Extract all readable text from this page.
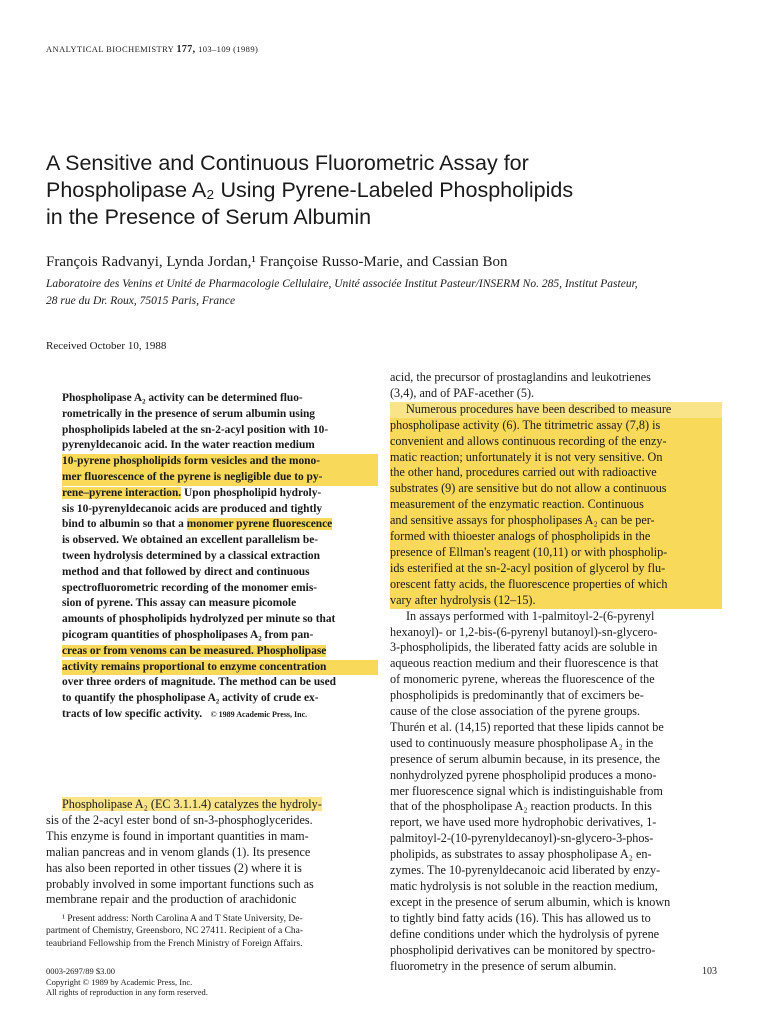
ANALYTICAL BIOCHEMISTRY 177, 103–109 (1989)
A Sensitive and Continuous Fluorometric Assay for
Phospholipase A₂ Using Pyrene-Labeled Phospholipids
in the Presence of Serum Albumin
François Radvanyi, Lynda Jordan,¹ Françoise Russo-Marie, and Cassian Bon
Laboratoire des Venins et Unité de Pharmacologie Cellulaire, Unité associée Institut Pasteur/INSERM No. 285, Institut Pasteur,
28 rue du Dr. Roux, 75015 Paris, France
Received October 10, 1988
Phospholipase A₂ activity can be determined fluo-
rometrically in the presence of serum albumin using
phospholipids labeled at the sn-2-acyl position with 10-
pyrenyldecanoic acid. In the water reaction medium
10-pyrene phospholipids form vesicles and the mono-
mer fluorescence of the pyrene is negligible due to py-
rene–pyrene interaction. Upon phospholipid hydroly-
sis 10-pyrenyldecanoic acids are produced and tightly
bind to albumin so that a monomer pyrene fluorescence
is observed. We obtained an excellent parallelism be-
tween hydrolysis determined by a classical extraction
method and that followed by direct and continuous
spectrofluorometric recording of the monomer emis-
sion of pyrene. This assay can measure picomole
amounts of phospholipids hydrolyzed per minute so that
picogram quantities of phospholipases A₂ from pan-
creas or from venoms can be measured. Phospholipase
activity remains proportional to enzyme concentration
over three orders of magnitude. The method can be used
to quantify the phospholipase A₂ activity of crude ex-
tracts of low specific activity. © 1989 Academic Press, Inc.
Phospholipase A₂ (EC 3.1.1.4) catalyzes the hydroly-
sis of the 2-acyl ester bond of sn-3-phosphoglycerides.
This enzyme is found in important quantities in mam-
malian pancreas and in venom glands (1). Its presence
has also been reported in other tissues (2) where it is
probably involved in some important functions such as
membrane repair and the production of arachidonic
¹ Present address: North Carolina A and T State University, De-
partment of Chemistry, Greensboro, NC 27411. Recipient of a Cha-
teaubriand Fellowship from the French Ministry of Foreign Affairs.
0003-2697/89 $3.00
Copyright © 1989 by Academic Press, Inc.
All rights of reproduction in any form reserved.
acid, the precursor of prostaglandins and leukotrienes
(3,4), and of PAF-acether (5).
Numerous procedures have been described to measure
phospholipase activity (6). The titrimetric assay (7,8) is
convenient and allows continuous recording of the enzy-
matic reaction; unfortunately it is not very sensitive. On
the other hand, procedures carried out with radioactive
substrates (9) are sensitive but do not allow a continuous
measurement of the enzymatic reaction. Continuous
and sensitive assays for phospholipases A₂ can be per-
formed with thioester analogs of phospholipids in the
presence of Ellman's reagent (10,11) or with phospholip-
ids esterified at the sn-2-acyl position of glycerol by flu-
orescent fatty acids, the fluorescence properties of which
vary after hydrolysis (12–15).
In assays performed with 1-palmitoyl-2-(6-pyrenyl
hexanoyl)- or 1,2-bis-(6-pyrenyl butanoyl)-sn-glycero-
3-phospholipids, the liberated fatty acids are soluble in
aqueous reaction medium and their fluorescence is that
of monomeric pyrene, whereas the fluorescence of the
phospholipids is predominantly that of excimers be-
cause of the close association of the pyrene groups.
Thurén et al. (14,15) reported that these lipids cannot be
used to continuously measure phospholipase A₂ in the
presence of serum albumin because, in its presence, the
nonhydrolyzed pyrene phospholipid produces a mono-
mer fluorescence signal which is indistinguishable from
that of the phospholipase A₂ reaction products. In this
report, we have used more hydrophobic derivatives, 1-
palmitoyl-2-(10-pyrenyldecanoyl)-sn-glycero-3-phos-
pholipids, as substrates to assay phospholipase A₂ en-
zymes. The 10-pyrenyldecanoic acid liberated by enzy-
matic hydrolysis is not soluble in the reaction medium,
except in the presence of serum albumin, which is known
to tightly bind fatty acids (16). This has allowed us to
define conditions under which the hydrolysis of pyrene
phospholipid derivatives can be monitored by spectro-
fluorometry in the presence of serum albumin.	103
